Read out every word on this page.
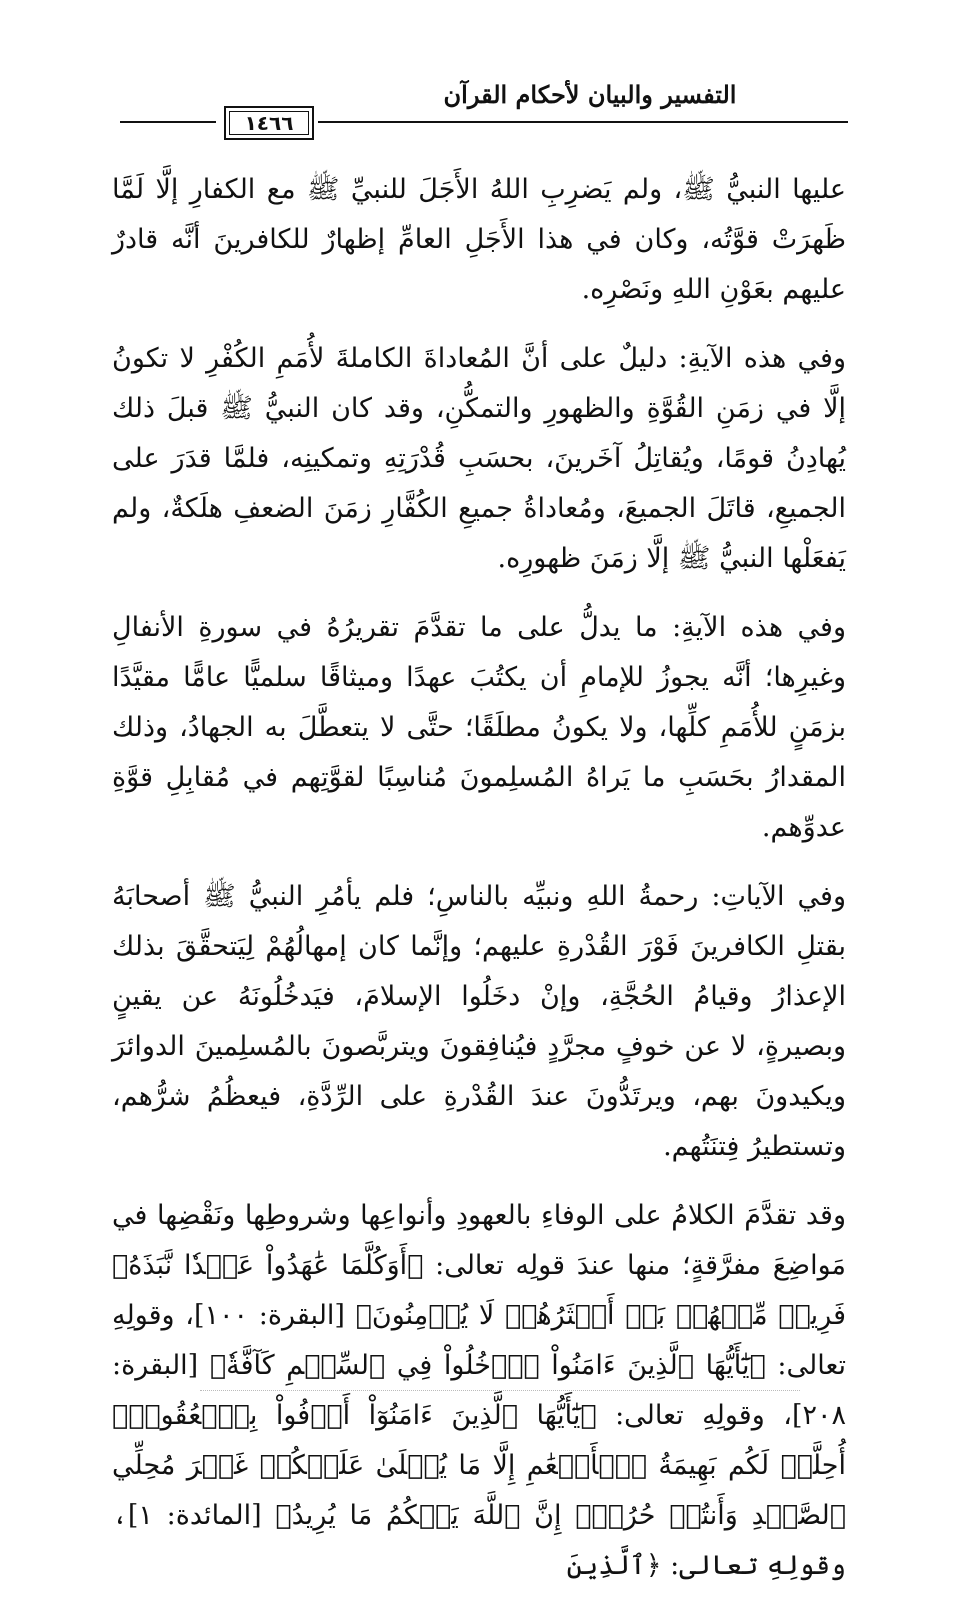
التفسير والبيان لأحكام القرآن
١٤٦٦

عليها النبيُّ ﷺ، ولم يَضرِبِ اللهُ الأَجَلَ للنبيِّ ﷺ مع الكفارِ إلَّا لَمَّا ظَهرَتْ قوَّتُه، وكان في هذا الأَجَلِ العامِّ إظهارٌ للكافرينَ أنَّه قادرٌ عليهم بعَوْنِ اللهِ ونَصْرِه.

وفي هذه الآيةِ: دليلٌ على أنَّ المُعاداةَ الكاملةَ لأُمَمِ الكُفْرِ لا تكونُ إلَّا في زمَنِ القُوَّةِ والظهورِ والتمكُّنِ، وقد كان النبيُّ ﷺ قبلَ ذلك يُهادِنُ قومًا، ويُقاتِلُ آخَرينَ، بحسَبِ قُدْرَتِهِ وتمكينِه، فلمَّا قدَرَ على الجميعِ، قاتَلَ الجميعَ، ومُعاداةُ جميعِ الكُفَّارِ زمَنَ الضعفِ هلَكةٌ، ولم يَفعَلْها النبيُّ ﷺ إلَّا زمَنَ ظهورِه.

وفي هذه الآيةِ: ما يدلُّ على ما تقدَّمَ تقريرُهُ في سورةِ الأنفالِ وغيرِها؛ أنَّه يجوزُ للإمامِ أن يكتُبَ عهدًا وميثاقًا سلميًّا عامًّا مقيَّدًا بزمَنٍ للأُمَمِ كلِّها، ولا يكونُ مطلَقًا؛ حتَّى لا يتعطَّلَ به الجهادُ، وذلك المقدارُ بحَسَبِ ما يَراهُ المُسلِمونَ مُناسِبًا لقوَّتِهم في مُقابِلِ قوَّةِ عدوِّهم.

وفي الآياتِ: رحمةُ اللهِ ونبيِّه بالناسِ؛ فلم يأمُرِ النبيُّ ﷺ أصحابَهُ بقتلِ الكافرينَ فَوْرَ القُدْرةِ عليهم؛ وإنَّما كان إمهالُهُمْ لِيَتحقَّقَ بذلك الإعذارُ وقيامُ الحُجَّةِ، وإنْ دخَلُوا الإسلامَ، فيَدخُلُونَهُ عن يقينٍ وبصيرةٍ، لا عن خوفٍ مجرَّدٍ فيُنافِقونَ ويتربَّصونَ بالمُسلِمينَ الدوائرَ ويكيدونَ بهم، ويرتَدُّونَ عندَ القُدْرةِ على الرِّدَّةِ، فيعظُمُ شرُّهم، وتستطيرُ فِتنَتُهم.

وقد تقدَّمَ الكلامُ على الوفاءِ بالعهودِ وأنواعِها وشروطِها ونَقْضِها في مَواضِعَ مفرَّقةٍ؛ منها عندَ قولِه تعالى: ﴿أَوَكُلَّمَا عَٰهَدُواْ عَهۡدٗا نَّبَذَهُۥ فَرِيقٞ مِّنۡهُمۚ بَلۡ أَكۡثَرُهُمۡ لَا يُؤۡمِنُونَ﴾ [البقرة: ١٠٠]، وقولِهِ تعالى: ﴿يَٰٓأَيُّهَا ٱلَّذِينَ ءَامَنُواْ ٱدۡخُلُواْ فِي ٱلسِّلۡمِ كَآفَّةٗ﴾ [البقرة: ٢٠٨]، وقولِهِ تعالى: ﴿يَٰٓأَيُّهَا ٱلَّذِينَ ءَامَنُوٓاْ أَوۡفُواْ بِٱلۡعُقُودِۚ أُحِلَّتۡ لَكُم بَهِيمَةُ ٱلۡأَنۡعَٰمِ إِلَّا مَا يُتۡلَىٰ عَلَيۡكُمۡ غَيۡرَ مُحِلِّي ٱلصَّيۡدِ وَأَنتُمۡ حُرُمٌۗ إِنَّ ٱللَّهَ يَحۡكُمُ مَا يُرِيدُ﴾ [المائدة: ١]، وقولِهِ تعالى: ﴿ٱلَّذِينَ
